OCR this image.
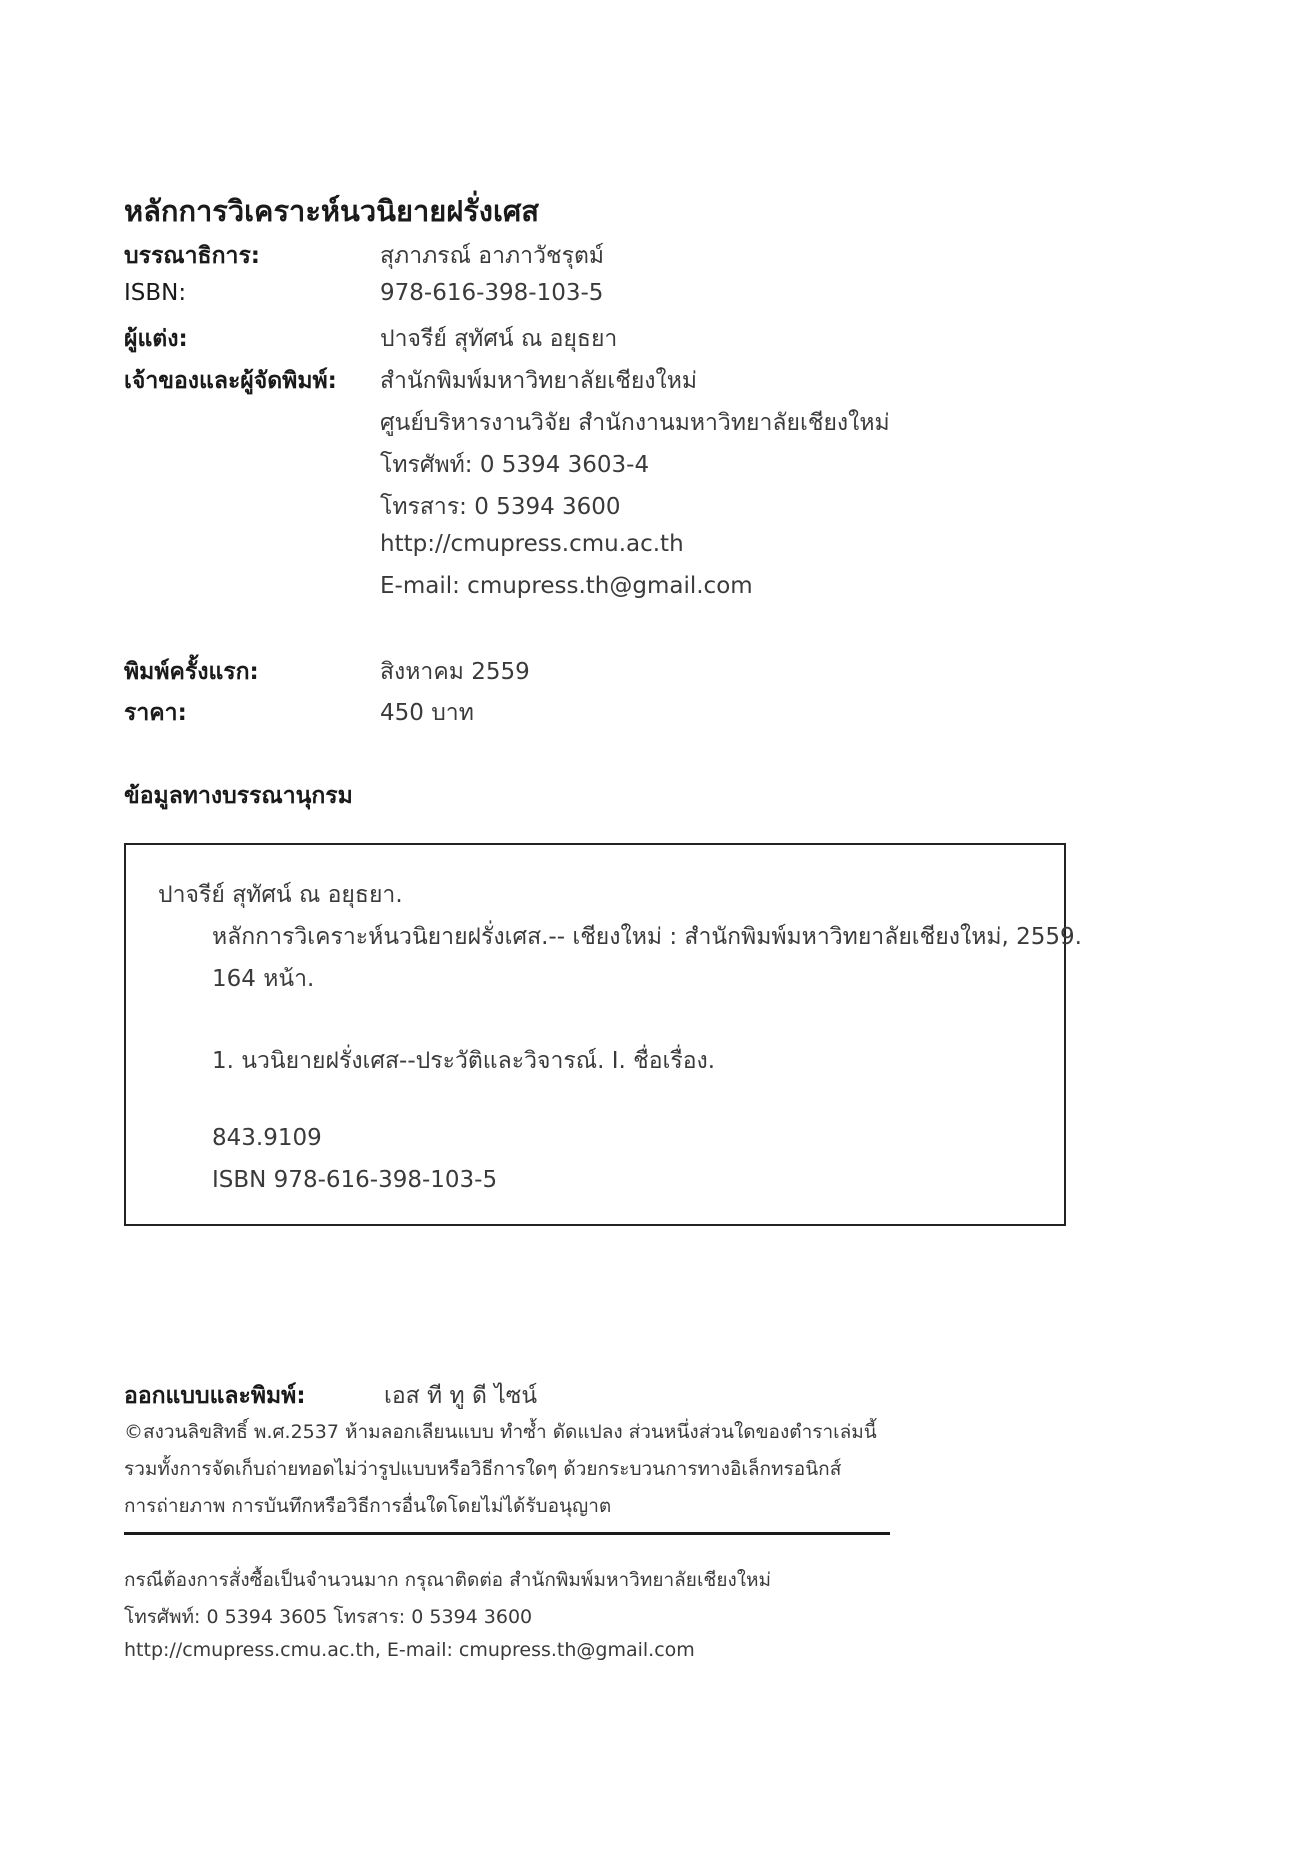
หลักการวิเคราะห์นวนิยายฝรั่งเศส
บรรณาธิการ:	สุภาภรณ์ อาภาวัชรุตม์
ISBN:	978-616-398-103-5
ผู้แต่ง:	ปาจรีย์ สุทัศน์ ณ อยุธยา
เจ้าของและผู้จัดพิมพ์: สำนักพิมพ์มหาวิทยาลัยเชียงใหม่
ศูนย์บริหารงานวิจัย สำนักงานมหาวิทยาลัยเชียงใหม่
โทรศัพท์: 0 5394 3603-4
โทรสาร: 0 5394 3600
http://cmupress.cmu.ac.th
E-mail: cmupress.th@gmail.com
พิมพ์ครั้งแรก:	สิงหาคม 2559
ราคา:	450 บาท
ข้อมูลทางบรรณานุกรม
ปาจรีย์ สุทัศน์ ณ อยุธยา.
หลักการวิเคราะห์นวนิยายฝรั่งเศส.-- เชียงใหม่ : สำนักพิมพ์มหาวิทยาลัยเชียงใหม่, 2559.
164 หน้า.
1. นวนิยายฝรั่งเศส--ประวัติและวิจารณ์. I. ชื่อเรื่อง.
843.9109
ISBN 978-616-398-103-5
ออกแบบและพิมพ์:	เอส ที ทู ดี ไซน์
©สงวนลิขสิทธิ์ พ.ศ.2537 ห้ามลอกเลียนแบบ ทำซ้ำ ดัดแปลง ส่วนหนึ่งส่วนใดของตำราเล่มนี้
รวมทั้งการจัดเก็บถ่ายทอดไม่ว่ารูปแบบหรือวิธีการใดๆ ด้วยกระบวนการทางอิเล็กทรอนิกส์
การถ่ายภาพ การบันทึกหรือวิธีการอื่นใดโดยไม่ได้รับอนุญาต
กรณีต้องการสั่งซื้อเป็นจำนวนมาก กรุณาติดต่อ สำนักพิมพ์มหาวิทยาลัยเชียงใหม่
โทรศัพท์: 0 5394 3605 โทรสาร: 0 5394 3600
http://cmupress.cmu.ac.th, E-mail: cmupress.th@gmail.com
